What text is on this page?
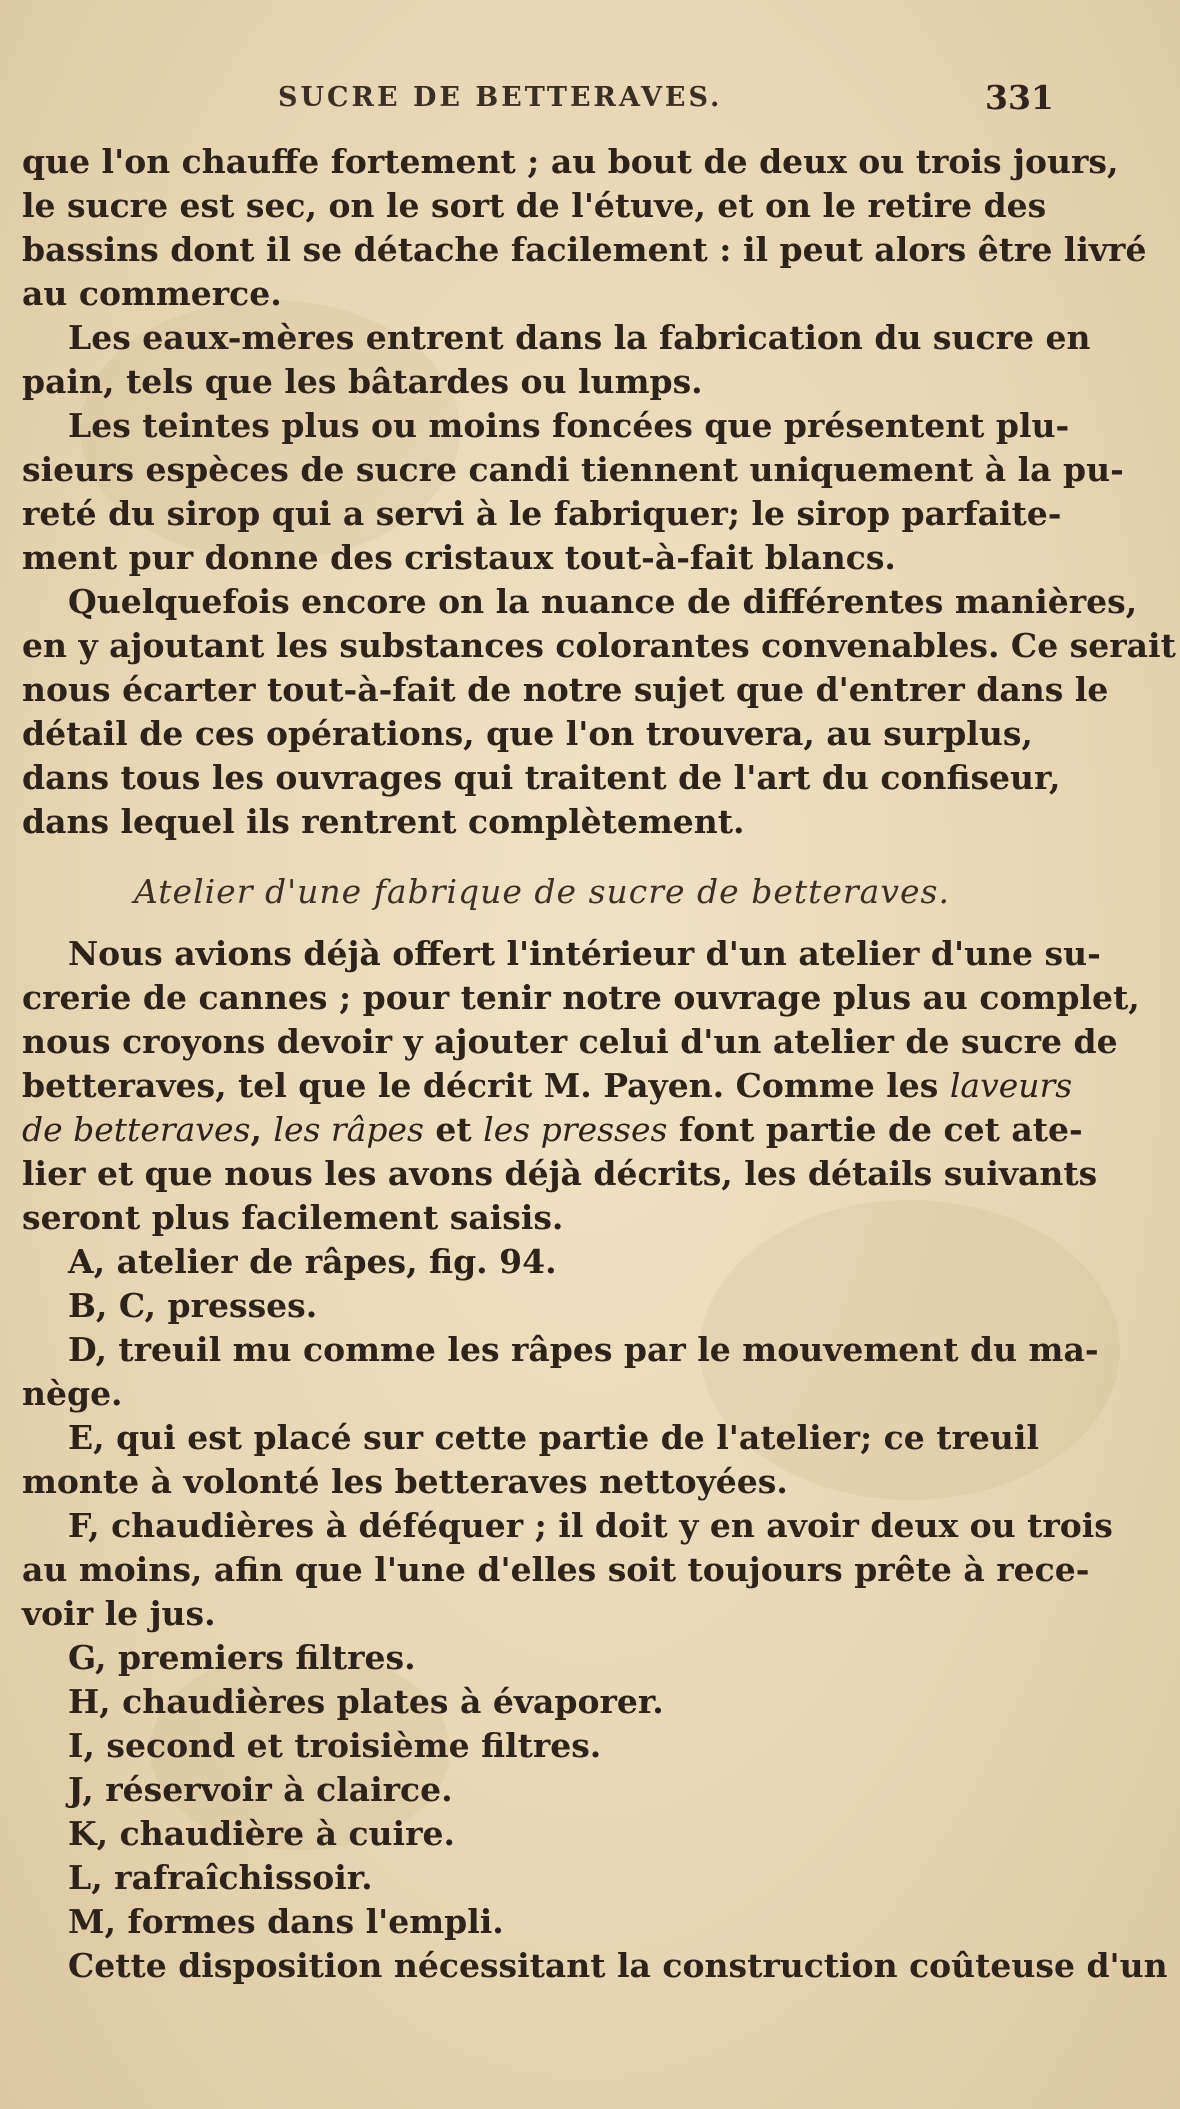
SUCRE DE BETTERAVES.	331

que l'on chauffe fortement ; au bout de deux ou trois jours,
le sucre est sec, on le sort de l'étuve, et on le retire des
bassins dont il se détache facilement : il peut alors être livré
au commerce.

Les eaux-mères entrent dans la fabrication du sucre en
pain, tels que les bâtardes ou lumps.

Les teintes plus ou moins foncées que présentent plu-
sieurs espèces de sucre candi tiennent uniquement à la pu-
reté du sirop qui a servi à le fabriquer; le sirop parfaite-
ment pur donne des cristaux tout-à-fait blancs.

Quelquefois encore on la nuance de différentes manières,
en y ajoutant les substances colorantes convenables. Ce serait
nous écarter tout-à-fait de notre sujet que d'entrer dans le
détail de ces opérations, que l'on trouvera, au surplus,
dans tous les ouvrages qui traitent de l'art du confiseur,
dans lequel ils rentrent complètement.

Atelier d'une fabrique de sucre de betteraves.

Nous avions déjà offert l'intérieur d'un atelier d'une su-
crerie de cannes ; pour tenir notre ouvrage plus au complet,
nous croyons devoir y ajouter celui d'un atelier de sucre de
betteraves, tel que le décrit M. Payen. Comme les laveurs
de betteraves, les râpes et les presses font partie de cet ate-
lier et que nous les avons déjà décrits, les détails suivants
seront plus facilement saisis.

A, atelier de râpes, fig. 94.
B, C, presses.
D, treuil mu comme les râpes par le mouvement du ma-
nège.
E, qui est placé sur cette partie de l'atelier; ce treuil
monte à volonté les betteraves nettoyées.
F, chaudières à déféquer ; il doit y en avoir deux ou trois
au moins, afin que l'une d'elles soit toujours prête à rece-
voir le jus.
G, premiers filtres.
H, chaudières plates à évaporer.
I, second et troisième filtres.
J, réservoir à clairce.
K, chaudière à cuire.
L, rafraîchissoir.
M, formes dans l'empli.

Cette disposition nécessitant la construction coûteuse d'un
